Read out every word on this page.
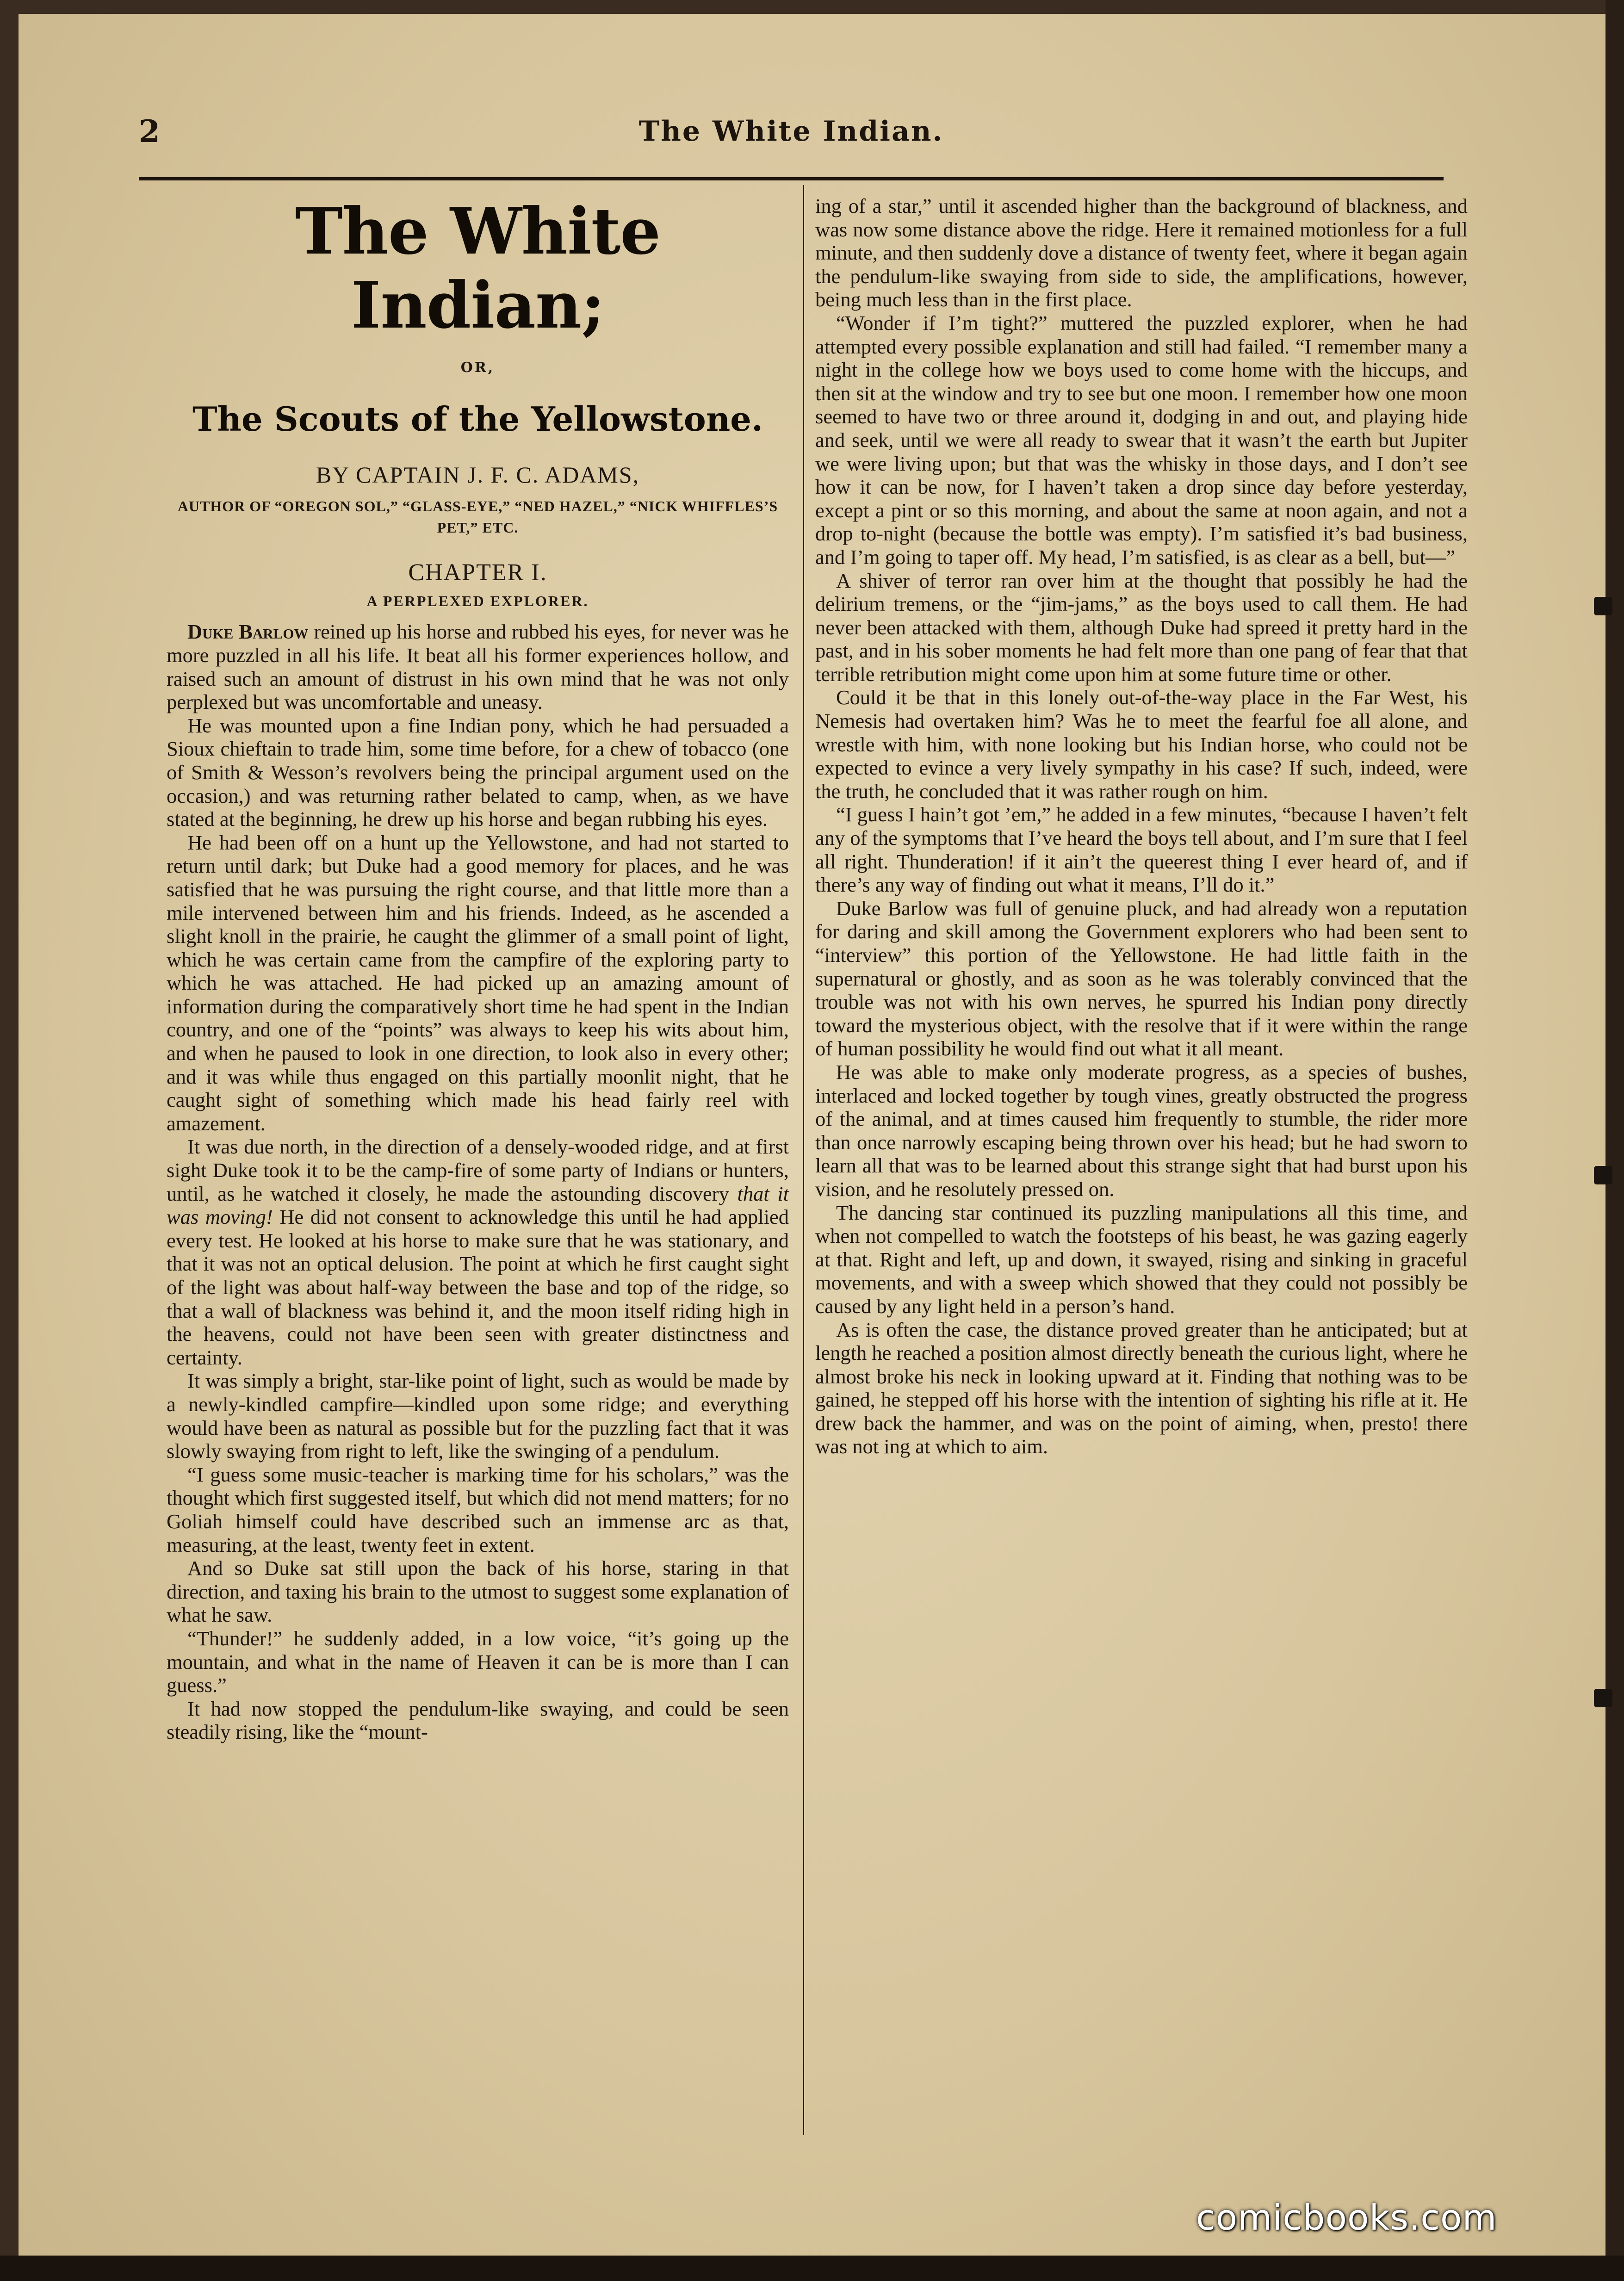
2	The White Indian.
The White Indian;
OR,
The Scouts of the Yellowstone.
BY CAPTAIN J. F. C. ADAMS,
AUTHOR OF “OREGON SOL,” “GLASS-EYE,” “NED HAZEL,” “NICK WHIFFLES’S PET,” ETC.
CHAPTER I.
A PERPLEXED EXPLORER.

Duke Barlow reined up his horse and rubbed his eyes, for never was he more puzzled in all his life. It beat all his former experiences hollow, and raised such an amount of distrust in his own mind that he was not only perplexed but was uncomfortable and uneasy.

He was mounted upon a fine Indian pony, which he had persuaded a Sioux chieftain to trade him, some time before, for a chew of tobacco (one of Smith & Wesson’s revolvers being the principal argument used on the occasion,) and was returning rather belated to camp, when, as we have stated at the beginning, he drew up his horse and began rubbing his eyes.

He had been off on a hunt up the Yellowstone, and had not started to return until dark; but Duke had a good memory for places, and he was satisfied that he was pursuing the right course, and that little more than a mile intervened between him and his friends. Indeed, as he ascended a slight knoll in the prairie, he caught the glimmer of a small point of light, which he was certain came from the campfire of the exploring party to which he was attached. He had picked up an amazing amount of information during the comparatively short time he had spent in the Indian country, and one of the “points” was always to keep his wits about him, and when he paused to look in one direction, to look also in every other; and it was while thus engaged on this partially moonlit night, that he caught sight of something which made his head fairly reel with amazement.

It was due north, in the direction of a densely-wooded ridge, and at first sight Duke took it to be the camp-fire of some party of Indians or hunters, until, as he watched it closely, he made the astounding discovery that it was moving! He did not consent to acknowledge this until he had applied every test. He looked at his horse to make sure that he was stationary, and that it was not an optical delusion. The point at which he first caught sight of the light was about half-way between the base and top of the ridge, so that a wall of blackness was behind it, and the moon itself riding high in the heavens, could not have been seen with greater distinctness and certainty.

It was simply a bright, star-like point of light, such as would be made by a newly-kindled campfire—kindled upon some ridge; and everything would have been as natural as possible but for the puzzling fact that it was slowly swaying from right to left, like the swinging of a pendulum.

“I guess some music-teacher is marking time for his scholars,” was the thought which first suggested itself, but which did not mend matters; for no Goliah himself could have described such an immense arc as that, measuring, at the least, twenty feet in extent.

And so Duke sat still upon the back of his horse, staring in that direction, and taxing his brain to the utmost to suggest some explanation of what he saw.

“Thunder!” he suddenly added, in a low voice, “it’s going up the mountain, and what in the name of Heaven it can be is more than I can guess.”

It had now stopped the pendulum-like swaying, and could be seen steadily rising, like the “mount-

ing of a star,” until it ascended higher than the background of blackness, and was now some distance above the ridge. Here it remained motionless for a full minute, and then suddenly dove a distance of twenty feet, where it began again the pendulum-like swaying from side to side, the amplifications, however, being much less than in the first place.

“Wonder if I’m tight?” muttered the puzzled explorer, when he had attempted every possible explanation and still had failed. “I remember many a night in the college how we boys used to come home with the hiccups, and then sit at the window and try to see but one moon. I remember how one moon seemed to have two or three around it, dodging in and out, and playing hide and seek, until we were all ready to swear that it wasn’t the earth but Jupiter we were living upon; but that was the whisky in those days, and I don’t see how it can be now, for I haven’t taken a drop since day before yesterday, except a pint or so this morning, and about the same at noon again, and not a drop to-night (because the bottle was empty). I’m satisfied it’s bad business, and I’m going to taper off. My head, I’m satisfied, is as clear as a bell, but—”

A shiver of terror ran over him at the thought that possibly he had the delirium tremens, or the “jim-jams,” as the boys used to call them. He had never been attacked with them, although Duke had spreed it pretty hard in the past, and in his sober moments he had felt more than one pang of fear that that terrible retribution might come upon him at some future time or other.

Could it be that in this lonely out-of-the-way place in the Far West, his Nemesis had overtaken him? Was he to meet the fearful foe all alone, and wrestle with him, with none looking but his Indian horse, who could not be expected to evince a very lively sympathy in his case? If such, indeed, were the truth, he concluded that it was rather rough on him.

“I guess I hain’t got ’em,” he added in a few minutes, “because I haven’t felt any of the symptoms that I’ve heard the boys tell about, and I’m sure that I feel all right. Thunderation! if it ain’t the queerest thing I ever heard of, and if there’s any way of finding out what it means, I’ll do it.”

Duke Barlow was full of genuine pluck, and had already won a reputation for daring and skill among the Government explorers who had been sent to “interview” this portion of the Yellowstone. He had little faith in the supernatural or ghostly, and as soon as he was tolerably convinced that the trouble was not with his own nerves, he spurred his Indian pony directly toward the mysterious object, with the resolve that if it were within the range of human possibility he would find out what it all meant.

He was able to make only moderate progress, as a species of bushes, interlaced and locked together by tough vines, greatly obstructed the progress of the animal, and at times caused him frequently to stumble, the rider more than once narrowly escaping being thrown over his head; but he had sworn to learn all that was to be learned about this strange sight that had burst upon his vision, and he resolutely pressed on.

The dancing star continued its puzzling manipulations all this time, and when not compelled to watch the footsteps of his beast, he was gazing eagerly at that. Right and left, up and down, it swayed, rising and sinking in graceful movements, and with a sweep which showed that they could not possibly be caused by any light held in a person’s hand.

As is often the case, the distance proved greater than he anticipated; but at length he reached a position almost directly beneath the curious light, where he almost broke his neck in looking upward at it. Finding that nothing was to be gained, he stepped off his horse with the intention of sighting his rifle at it. He drew back the hammer, and was on the point of aiming, when, presto! there was not ing at which to aim.

comicbooks.com
